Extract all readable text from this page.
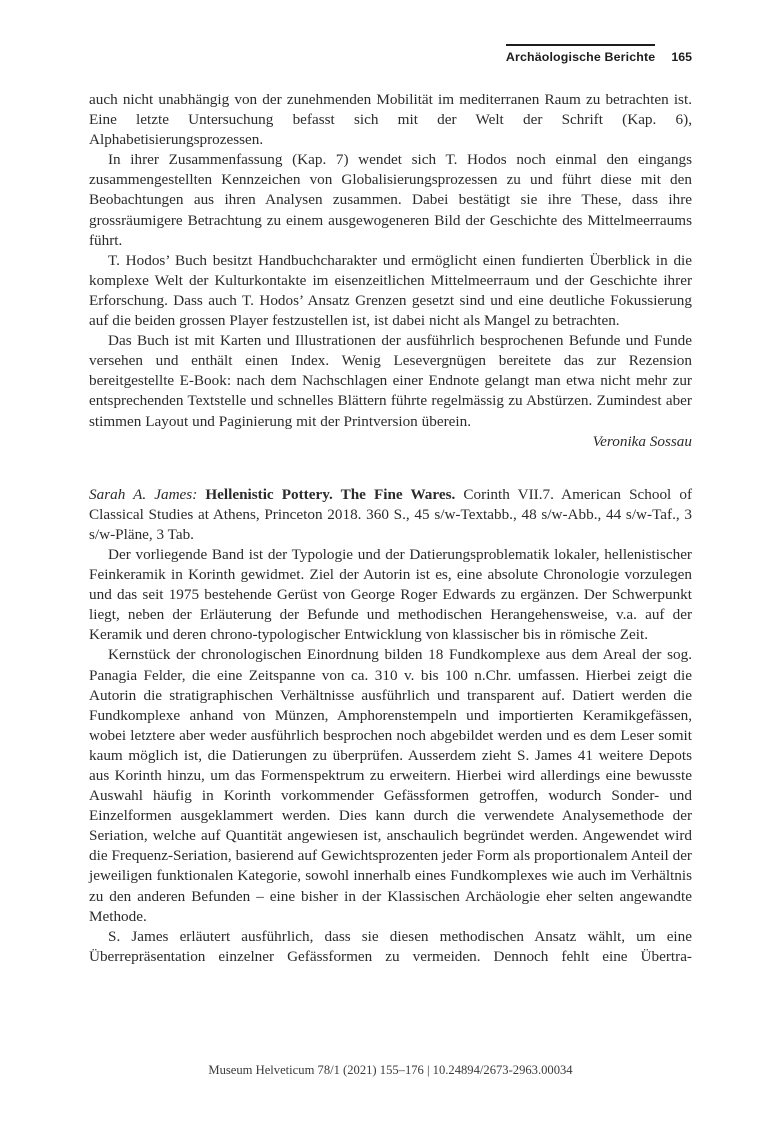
Archäologische Berichte 165

auch nicht unabhängig von der zunehmenden Mobilität im mediterranen Raum zu betrachten ist. Eine letzte Untersuchung befasst sich mit der Welt der Schrift (Kap. 6), Alphabetisierungsprozessen.

In ihrer Zusammenfassung (Kap. 7) wendet sich T. Hodos noch einmal den eingangs zusammengestellten Kennzeichen von Globalisierungsprozessen zu und führt diese mit den Beobachtungen aus ihren Analysen zusammen. Dabei bestätigt sie ihre These, dass ihre grossräumigere Betrachtung zu einem ausgewogeneren Bild der Geschichte des Mittelmeerraums führt.

T. Hodos’ Buch besitzt Handbuchcharakter und ermöglicht einen fundierten Überblick in die komplexe Welt der Kulturkontakte im eisenzeitlichen Mittelmeerraum und der Geschichte ihrer Erforschung. Dass auch T. Hodos’ Ansatz Grenzen gesetzt sind und eine deutliche Fokussierung auf die beiden grossen Player festzustellen ist, ist dabei nicht als Mangel zu betrachten.

Das Buch ist mit Karten und Illustrationen der ausführlich besprochenen Befunde und Funde versehen und enthält einen Index. Wenig Lesevergnügen bereitete das zur Rezension bereitgestellte E-Book: nach dem Nachschlagen einer Endnote gelangt man etwa nicht mehr zur entsprechenden Textstelle und schnelles Blättern führte regelmässig zu Abstürzen. Zumindest aber stimmen Layout und Paginierung mit der Printversion überein.

Veronika Sossau
Sarah A. James: Hellenistic Pottery. The Fine Wares. Corinth VII.7. American School of Classical Studies at Athens, Princeton 2018. 360 S., 45 s/w-Textabb., 48 s/w-Abb., 44 s/w-Taf., 3 s/w-Pläne, 3 Tab.

Der vorliegende Band ist der Typologie und der Datierungsproblematik lokaler, hellenistischer Feinkeramik in Korinth gewidmet. Ziel der Autorin ist es, eine absolute Chronologie vorzulegen und das seit 1975 bestehende Gerüst von George Roger Edwards zu ergänzen. Der Schwerpunkt liegt, neben der Erläuterung der Befunde und methodischen Herangehensweise, v.a. auf der Keramik und deren chrono-typologischer Entwicklung von klassischer bis in römische Zeit.

Kernstück der chronologischen Einordnung bilden 18 Fundkomplexe aus dem Areal der sog. Panagia Felder, die eine Zeitspanne von ca. 310 v. bis 100 n.Chr. umfassen. Hierbei zeigt die Autorin die stratigraphischen Verhältnisse ausführlich und transparent auf. Datiert werden die Fundkomplexe anhand von Münzen, Amphorenstempeln und importierten Keramikgefässen, wobei letztere aber weder ausführlich besprochen noch abgebildet werden und es dem Leser somit kaum möglich ist, die Datierungen zu überprüfen. Ausserdem zieht S. James 41 weitere Depots aus Korinth hinzu, um das Formenspektrum zu erweitern. Hierbei wird allerdings eine bewusste Auswahl häufig in Korinth vorkommender Gefässformen getroffen, wodurch Sonder- und Einzelformen ausgeklammert werden. Dies kann durch die verwendete Analysemethode der Seriation, welche auf Quantität angewiesen ist, anschaulich begründet werden. Angewendet wird die Frequenz-Seriation, basierend auf Gewichtsprozenten jeder Form als proportionalem Anteil der jeweiligen funktionalen Kategorie, sowohl innerhalb eines Fundkomplexes wie auch im Verhältnis zu den anderen Befunden – eine bisher in der Klassischen Archäologie eher selten angewandte Methode.

S. James erläutert ausführlich, dass sie diesen methodischen Ansatz wählt, um eine Überrepräsentation einzelner Gefässformen zu vermeiden. Dennoch fehlt eine Übertra-

Museum Helveticum 78/1 (2021) 155–176 | 10.24894/2673-2963.00034
